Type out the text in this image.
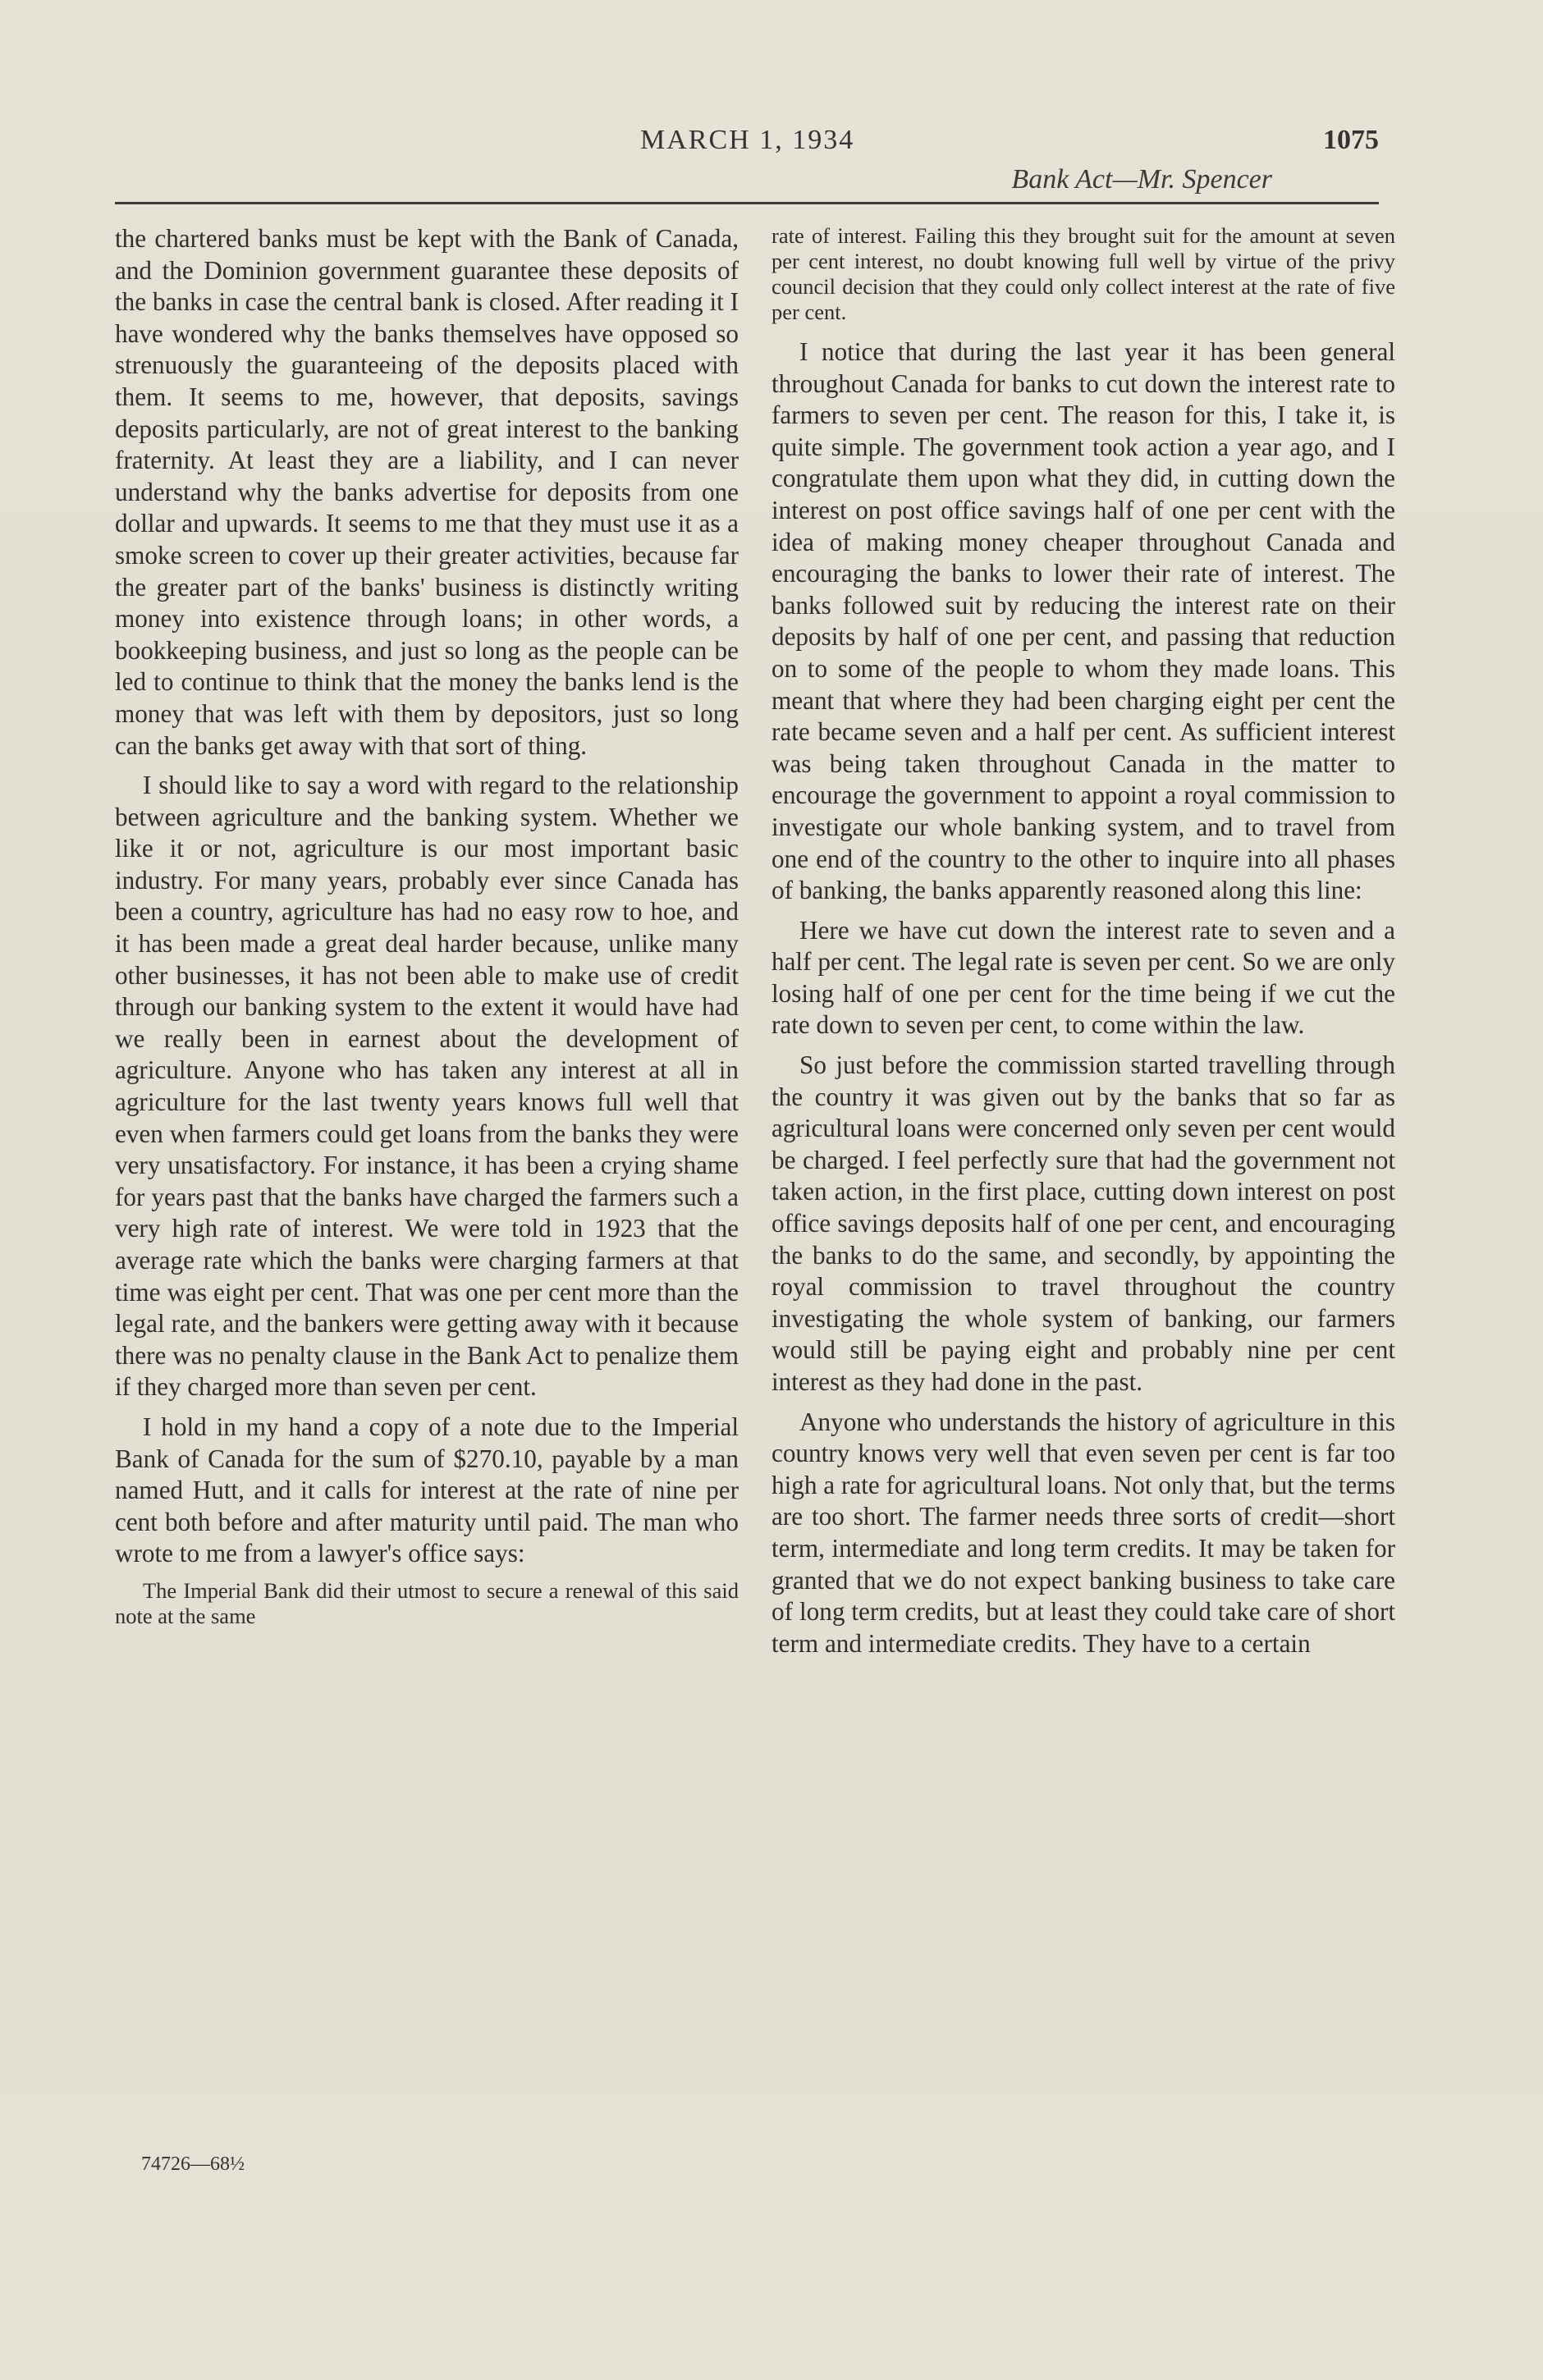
MARCH 1, 1934	1075
Bank Act—Mr. Spencer

the chartered banks must be kept with the Bank of Canada, and the Dominion government guarantee these deposits of the banks in case the central bank is closed. After reading it I have wondered why the banks themselves have opposed so strenuously the guaranteeing of the deposits placed with them. It seems to me, however, that deposits, savings deposits particularly, are not of great interest to the banking fraternity. At least they are a liability, and I can never understand why the banks advertise for deposits from one dollar and upwards. It seems to me that they must use it as a smoke screen to cover up their greater activities, because far the greater part of the banks' business is distinctly writing money into existence through loans; in other words, a bookkeeping business, and just so long as the people can be led to continue to think that the money the banks lend is the money that was left with them by depositors, just so long can the banks get away with that sort of thing.

I should like to say a word with regard to the relationship between agriculture and the banking system. Whether we like it or not, agriculture is our most important basic industry. For many years, probably ever since Canada has been a country, agriculture has had no easy row to hoe, and it has been made a great deal harder because, unlike many other businesses, it has not been able to make use of credit through our banking system to the extent it would have had we really been in earnest about the development of agriculture. Anyone who has taken any interest at all in agriculture for the last twenty years knows full well that even when farmers could get loans from the banks they were very unsatisfactory. For instance, it has been a crying shame for years past that the banks have charged the farmers such a very high rate of interest. We were told in 1923 that the average rate which the banks were charging farmers at that time was eight per cent. That was one per cent more than the legal rate, and the bankers were getting away with it because there was no penalty clause in the Bank Act to penalize them if they charged more than seven per cent.

I hold in my hand a copy of a note due to the Imperial Bank of Canada for the sum of $270.10, payable by a man named Hutt, and it calls for interest at the rate of nine per cent both before and after maturity until paid. The man who wrote to me from a lawyer's office says:

The Imperial Bank did their utmost to secure a renewal of this said note at the same

rate of interest. Failing this they brought suit for the amount at seven per cent interest, no doubt knowing full well by virtue of the privy council decision that they could only collect interest at the rate of five per cent.

I notice that during the last year it has been general throughout Canada for banks to cut down the interest rate to farmers to seven per cent. The reason for this, I take it, is quite simple. The government took action a year ago, and I congratulate them upon what they did, in cutting down the interest on post office savings half of one per cent with the idea of making money cheaper throughout Canada and encouraging the banks to lower their rate of interest. The banks followed suit by reducing the interest rate on their deposits by half of one per cent, and passing that reduction on to some of the people to whom they made loans. This meant that where they had been charging eight per cent the rate became seven and a half per cent. As sufficient interest was being taken throughout Canada in the matter to encourage the government to appoint a royal commission to investigate our whole banking system, and to travel from one end of the country to the other to inquire into all phases of banking, the banks apparently reasoned along this line:

Here we have cut down the interest rate to seven and a half per cent. The legal rate is seven per cent. So we are only losing half of one per cent for the time being if we cut the rate down to seven per cent, to come within the law.

So just before the commission started travelling through the country it was given out by the banks that so far as agricultural loans were concerned only seven per cent would be charged. I feel perfectly sure that had the government not taken action, in the first place, cutting down interest on post office savings deposits half of one per cent, and encouraging the banks to do the same, and secondly, by appointing the royal commission to travel throughout the country investigating the whole system of banking, our farmers would still be paying eight and probably nine per cent interest as they had done in the past.

Anyone who understands the history of agriculture in this country knows very well that even seven per cent is far too high a rate for agricultural loans. Not only that, but the terms are too short. The farmer needs three sorts of credit—short term, intermediate and long term credits. It may be taken for granted that we do not expect banking business to take care of long term credits, but at least they could take care of short term and intermediate credits. They have to a certain

74726—68½
